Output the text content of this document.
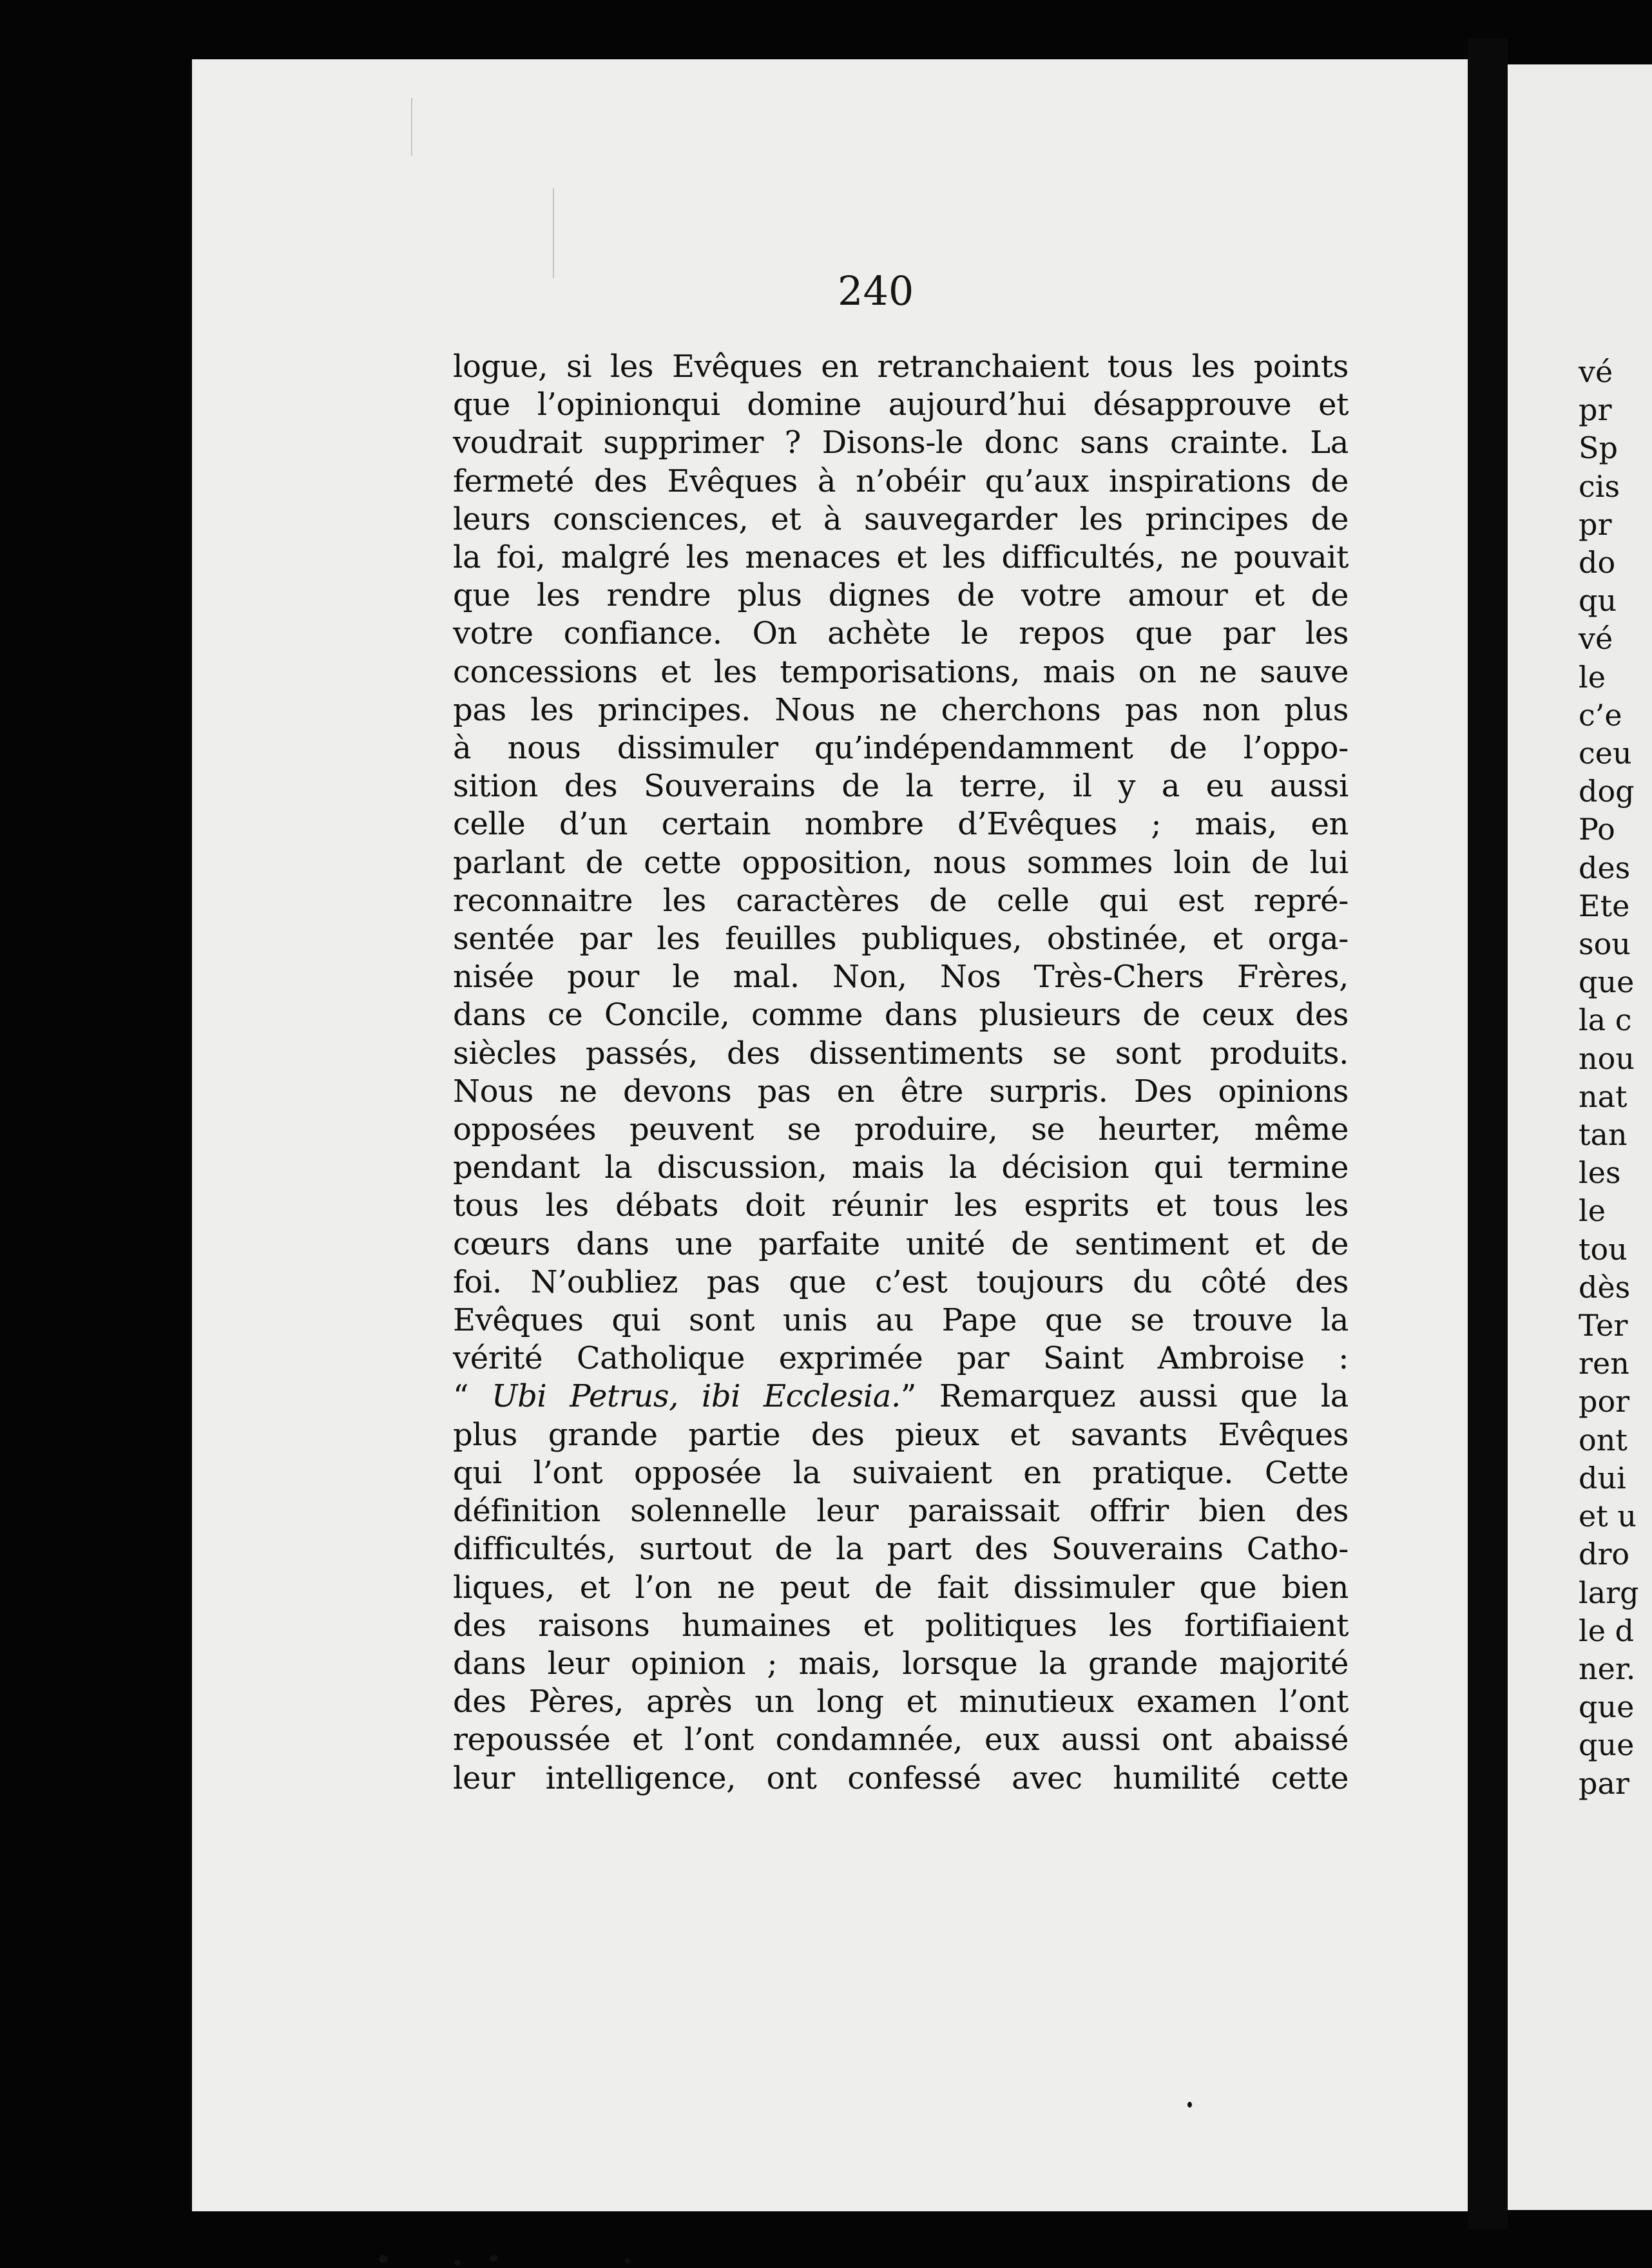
240
logue, si les Evêques en retranchaient tous les points
que l’opinionqui domine aujourd’hui désapprouve et
voudrait supprimer ? Disons-le donc sans crainte. La
fermeté des Evêques à n’obéir qu’aux inspirations de
leurs consciences, et à sauvegarder les principes de
la foi, malgré les menaces et les difficultés, ne pouvait
que les rendre plus dignes de votre amour et de
votre confiance. On achète le repos que par les
concessions et les temporisations, mais on ne sauve
pas les principes. Nous ne cherchons pas non plus
à nous dissimuler qu’indépendamment de l’oppo-
sition des Souverains de la terre, il y a eu aussi
celle d’un certain nombre d’Evêques ; mais, en
parlant de cette opposition, nous sommes loin de lui
reconnaitre les caractères de celle qui est repré-
sentée par les feuilles publiques, obstinée, et orga-
nisée pour le mal. Non, Nos Très-Chers Frères,
dans ce Concile, comme dans plusieurs de ceux des
siècles passés, des dissentiments se sont produits.
Nous ne devons pas en être surpris. Des opinions
opposées peuvent se produire, se heurter, même
pendant la discussion, mais la décision qui termine
tous les débats doit réunir les esprits et tous les
cœurs dans une parfaite unité de sentiment et de
foi. N’oubliez pas que c’est toujours du côté des
Evêques qui sont unis au Pape que se trouve la
vérité Catholique exprimée par Saint Ambroise :
“ Ubi Petrus, ibi Ecclesia.” Remarquez aussi que la
plus grande partie des pieux et savants Evêques
qui l’ont opposée la suivaient en pratique. Cette
définition solennelle leur paraissait offrir bien des
difficultés, surtout de la part des Souverains Catho-
liques, et l’on ne peut de fait dissimuler que bien
des raisons humaines et politiques les fortifiaient
dans leur opinion ; mais, lorsque la grande majorité
des Pères, après un long et minutieux examen l’ont
repoussée et l’ont condamnée, eux aussi ont abaissé
leur intelligence, ont confessé avec humilité cette
vé
pr
Sp
cis
pr
do
qu
vé
le
c’e
ceu
dog
Po
des
Ete
sou
que
la c
nou
nat
tan
les
le
tou
dès
Ter
ren
por
ont
dui
et u
dro
larg
le d
ner.
que
que
par
